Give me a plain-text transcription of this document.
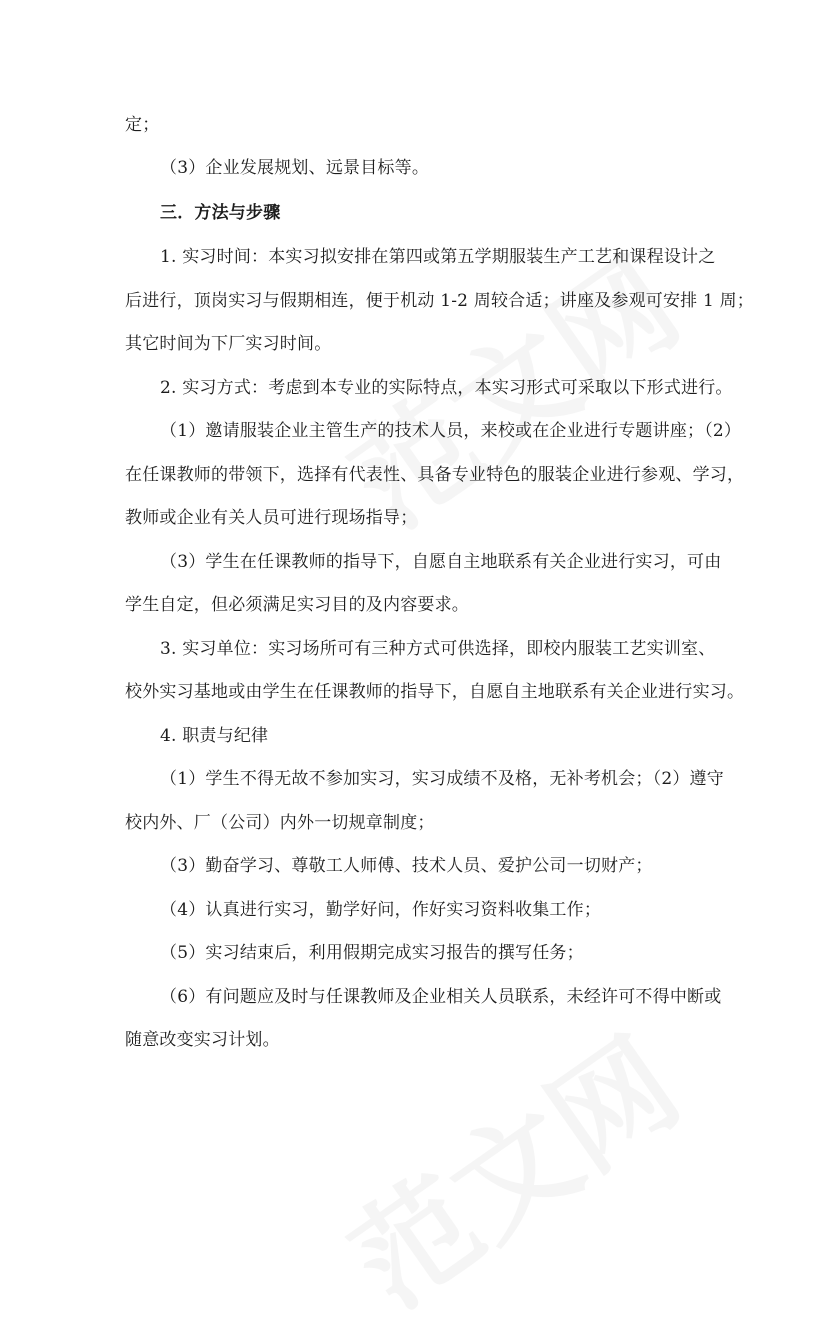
定；
（3）企业发展规划、远景目标等。
三．方法与步骤
1. 实习时间：本实习拟安排在第四或第五学期服装生产工艺和课程设计之
后进行，顶岗实习与假期相连，便于机动 1-2 周较合适；讲座及参观可安排 1 周；
其它时间为下厂实习时间。
2. 实习方式：考虑到本专业的实际特点，本实习形式可采取以下形式进行。
（1）邀请服装企业主管生产的技术人员，来校或在企业进行专题讲座；（2）
在任课教师的带领下，选择有代表性、具备专业特色的服装企业进行参观、学习，
教师或企业有关人员可进行现场指导；
（3）学生在任课教师的指导下，自愿自主地联系有关企业进行实习，可由
学生自定，但必须满足实习目的及内容要求。
3. 实习单位：实习场所可有三种方式可供选择，即校内服装工艺实训室、
校外实习基地或由学生在任课教师的指导下，自愿自主地联系有关企业进行实习。
4. 职责与纪律
（1）学生不得无故不参加实习，实习成绩不及格，无补考机会；（2）遵守
校内外、厂（公司）内外一切规章制度；
（3）勤奋学习、尊敬工人师傅、技术人员、爱护公司一切财产；
（4）认真进行实习，勤学好问，作好实习资料收集工作；
（5）实习结束后，利用假期完成实习报告的撰写任务；
（6）有问题应及时与任课教师及企业相关人员联系，未经许可不得中断或
随意改变实习计划。
